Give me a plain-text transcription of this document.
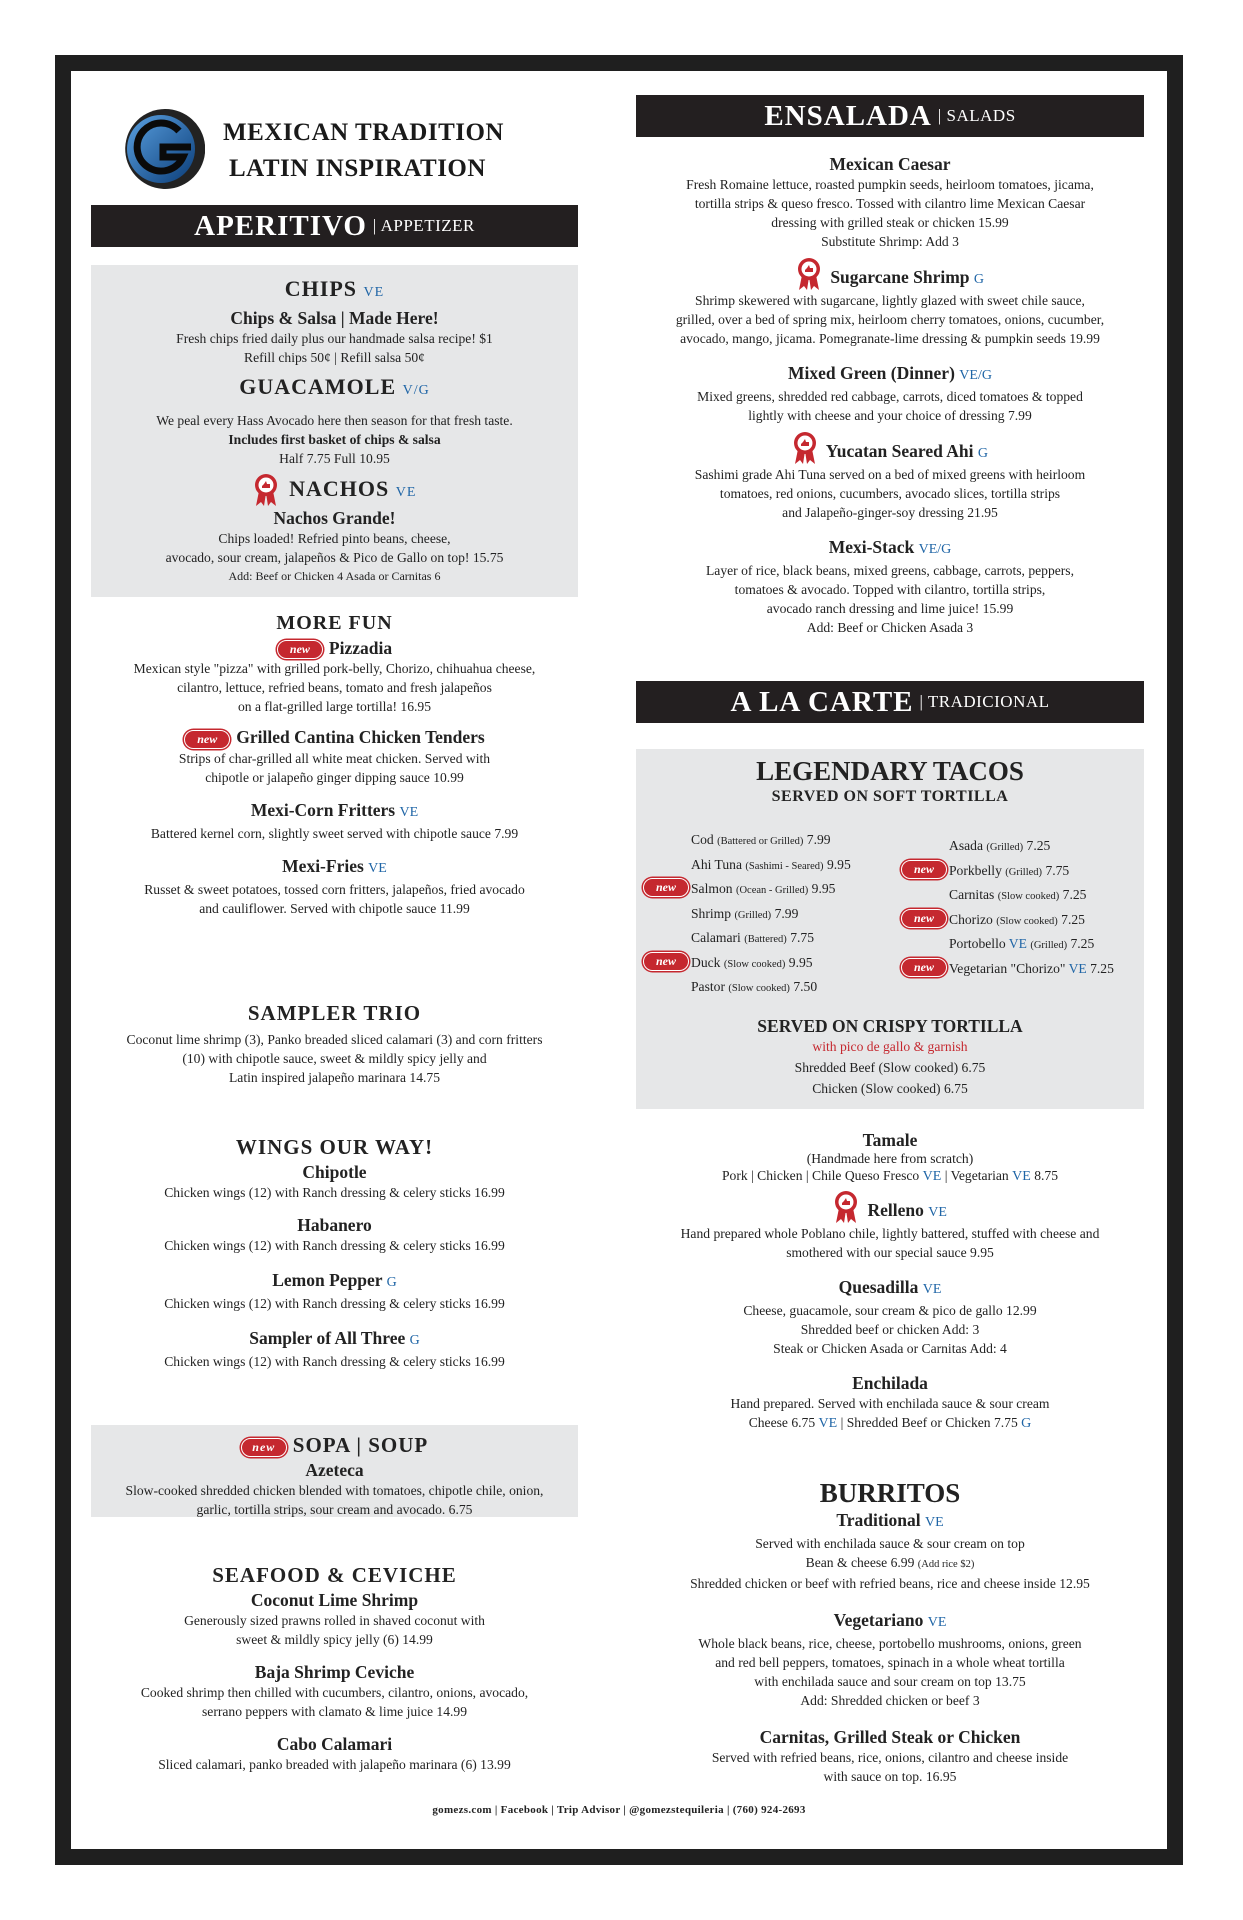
MEXICAN TRADITION
LATIN INSPIRATION
APERITIVO | APPETIZER
CHIPS VE
Chips & Salsa | Made Here!
Fresh chips fried daily plus our handmade salsa recipe! $1
Refill chips 50¢ | Refill salsa 50¢
GUACAMOLE V/G
We peal every Hass Avocado here then season for that fresh taste.
Includes first basket of chips & salsa
Half 7.75 Full 10.95
NACHOS VE
Nachos Grande!
Chips loaded! Refried pinto beans, cheese,
avocado, sour cream, jalapeños & Pico de Gallo on top! 15.75
Add: Beef or Chicken 4 Asada or Carnitas 6
MORE FUN
new Pizzadia
Mexican style "pizza" with grilled pork-belly, Chorizo, chihuahua cheese,
cilantro, lettuce, refried beans, tomato and fresh jalapeños
on a flat-grilled large tortilla! 16.95
new Grilled Cantina Chicken Tenders
Strips of char-grilled all white meat chicken. Served with
chipotle or jalapeño ginger dipping sauce 10.99
Mexi-Corn Fritters VE
Battered kernel corn, slightly sweet served with chipotle sauce 7.99
Mexi-Fries VE
Russet & sweet potatoes, tossed corn fritters, jalapeños, fried avocado
and cauliflower. Served with chipotle sauce 11.99
SAMPLER TRIO
Coconut lime shrimp (3), Panko breaded sliced calamari (3) and corn fritters
(10) with chipotle sauce, sweet & mildly spicy jelly and
Latin inspired jalapeño marinara 14.75
WINGS OUR WAY!
Chipotle
Chicken wings (12) with Ranch dressing & celery sticks 16.99
Habanero
Chicken wings (12) with Ranch dressing & celery sticks 16.99
Lemon Pepper G
Chicken wings (12) with Ranch dressing & celery sticks 16.99
Sampler of All Three G
Chicken wings (12) with Ranch dressing & celery sticks 16.99
new SOPA | SOUP
Azeteca
Slow-cooked shredded chicken blended with tomatoes, chipotle chile, onion,
garlic, tortilla strips, sour cream and avocado. 6.75
SEAFOOD & CEVICHE
Coconut Lime Shrimp
Generously sized prawns rolled in shaved coconut with
sweet & mildly spicy jelly (6) 14.99
Baja Shrimp Ceviche
Cooked shrimp then chilled with cucumbers, cilantro, onions, avocado,
serrano peppers with clamato & lime juice 14.99
Cabo Calamari
Sliced calamari, panko breaded with jalapeño marinara (6) 13.99
ENSALADA | SALADS
Mexican Caesar
Fresh Romaine lettuce, roasted pumpkin seeds, heirloom tomatoes, jicama,
tortilla strips & queso fresco. Tossed with cilantro lime Mexican Caesar
dressing with grilled steak or chicken 15.99
Substitute Shrimp: Add 3
Sugarcane Shrimp G
Shrimp skewered with sugarcane, lightly glazed with sweet chile sauce,
grilled, over a bed of spring mix, heirloom cherry tomatoes, onions, cucumber,
avocado, mango, jicama. Pomegranate-lime dressing & pumpkin seeds 19.99
Mixed Green (Dinner) VE/G
Mixed greens, shredded red cabbage, carrots, diced tomatoes & topped
lightly with cheese and your choice of dressing 7.99
Yucatan Seared Ahi G
Sashimi grade Ahi Tuna served on a bed of mixed greens with heirloom
tomatoes, red onions, cucumbers, avocado slices, tortilla strips
and Jalapeño-ginger-soy dressing 21.95
Mexi-Stack VE/G
Layer of rice, black beans, mixed greens, cabbage, carrots, peppers,
tomatoes & avocado. Topped with cilantro, tortilla strips,
avocado ranch dressing and lime juice! 15.99
Add: Beef or Chicken Asada 3
A LA CARTE | TRADICIONAL
LEGENDARY TACOS
SERVED ON SOFT TORTILLA
Cod (Battered or Grilled) 7.99
Ahi Tuna (Sashimi - Seared) 9.95
new	Salmon (Ocean - Grilled) 9.95
Shrimp (Grilled) 7.99
Calamari (Battered) 7.75
new	Duck (Slow cooked) 9.95
Pastor (Slow cooked) 7.50
Asada (Grilled) 7.25
new	Porkbelly (Grilled) 7.75
Carnitas (Slow cooked) 7.25
new	Chorizo (Slow cooked) 7.25
Portobello VE (Grilled) 7.25
new	Vegetarian "Chorizo" VE 7.25
SERVED ON CRISPY TORTILLA
with pico de gallo & garnish
Shredded Beef (Slow cooked) 6.75
Chicken (Slow cooked) 6.75
Tamale
(Handmade here from scratch)
Pork | Chicken | Chile Queso Fresco VE | Vegetarian VE 8.75
Relleno VE
Hand prepared whole Poblano chile, lightly battered, stuffed with cheese and
smothered with our special sauce 9.95
Quesadilla VE
Cheese, guacamole, sour cream & pico de gallo 12.99
Shredded beef or chicken Add: 3
Steak or Chicken Asada or Carnitas Add: 4
Enchilada
Hand prepared. Served with enchilada sauce & sour cream
Cheese 6.75 VE | Shredded Beef or Chicken 7.75 G
BURRITOS
Traditional VE
Served with enchilada sauce & sour cream on top
Bean & cheese 6.99 (Add rice $2)
Shredded chicken or beef with refried beans, rice and cheese inside 12.95
Vegetariano VE
Whole black beans, rice, cheese, portobello mushrooms, onions, green
and red bell peppers, tomatoes, spinach in a whole wheat tortilla
with enchilada sauce and sour cream on top 13.75
Add: Shredded chicken or beef 3
Carnitas, Grilled Steak or Chicken
Served with refried beans, rice, onions, cilantro and cheese inside
with sauce on top. 16.95
gomezs.com | Facebook | Trip Advisor | @gomezstequileria | (760) 924-2693
